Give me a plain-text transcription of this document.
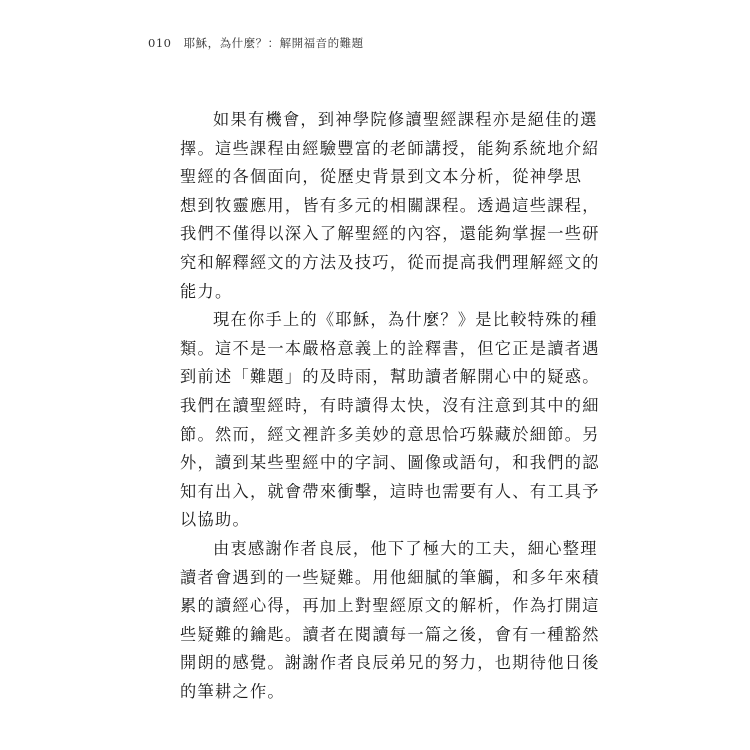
010 耶穌，為什麼？：解開福音的難題
如果有機會，到神學院修讀聖經課程亦是絕佳的選
擇。這些課程由經驗豐富的老師講授，能夠系統地介紹
聖經的各個面向，從歷史背景到文本分析，從神學思
想到牧靈應用，皆有多元的相關課程。透過這些課程，
我們不僅得以深入了解聖經的內容，還能夠掌握一些研
究和解釋經文的方法及技巧，從而提高我們理解經文的
能力。
現在你手上的《耶穌，為什麼？》是比較特殊的種
類。這不是一本嚴格意義上的詮釋書，但它正是讀者遇
到前述「難題」的及時雨，幫助讀者解開心中的疑惑。
我們在讀聖經時，有時讀得太快，沒有注意到其中的細
節。然而，經文裡許多美妙的意思恰巧躲藏於細節。另
外，讀到某些聖經中的字詞、圖像或語句，和我們的認
知有出入，就會帶來衝擊，這時也需要有人、有工具予
以協助。
由衷感謝作者良辰，他下了極大的工夫，細心整理
讀者會遇到的一些疑難。用他細膩的筆觸，和多年來積
累的讀經心得，再加上對聖經原文的解析，作為打開這
些疑難的鑰匙。讀者在閱讀每一篇之後，會有一種豁然
開朗的感覺。謝謝作者良辰弟兄的努力，也期待他日後
的筆耕之作。
